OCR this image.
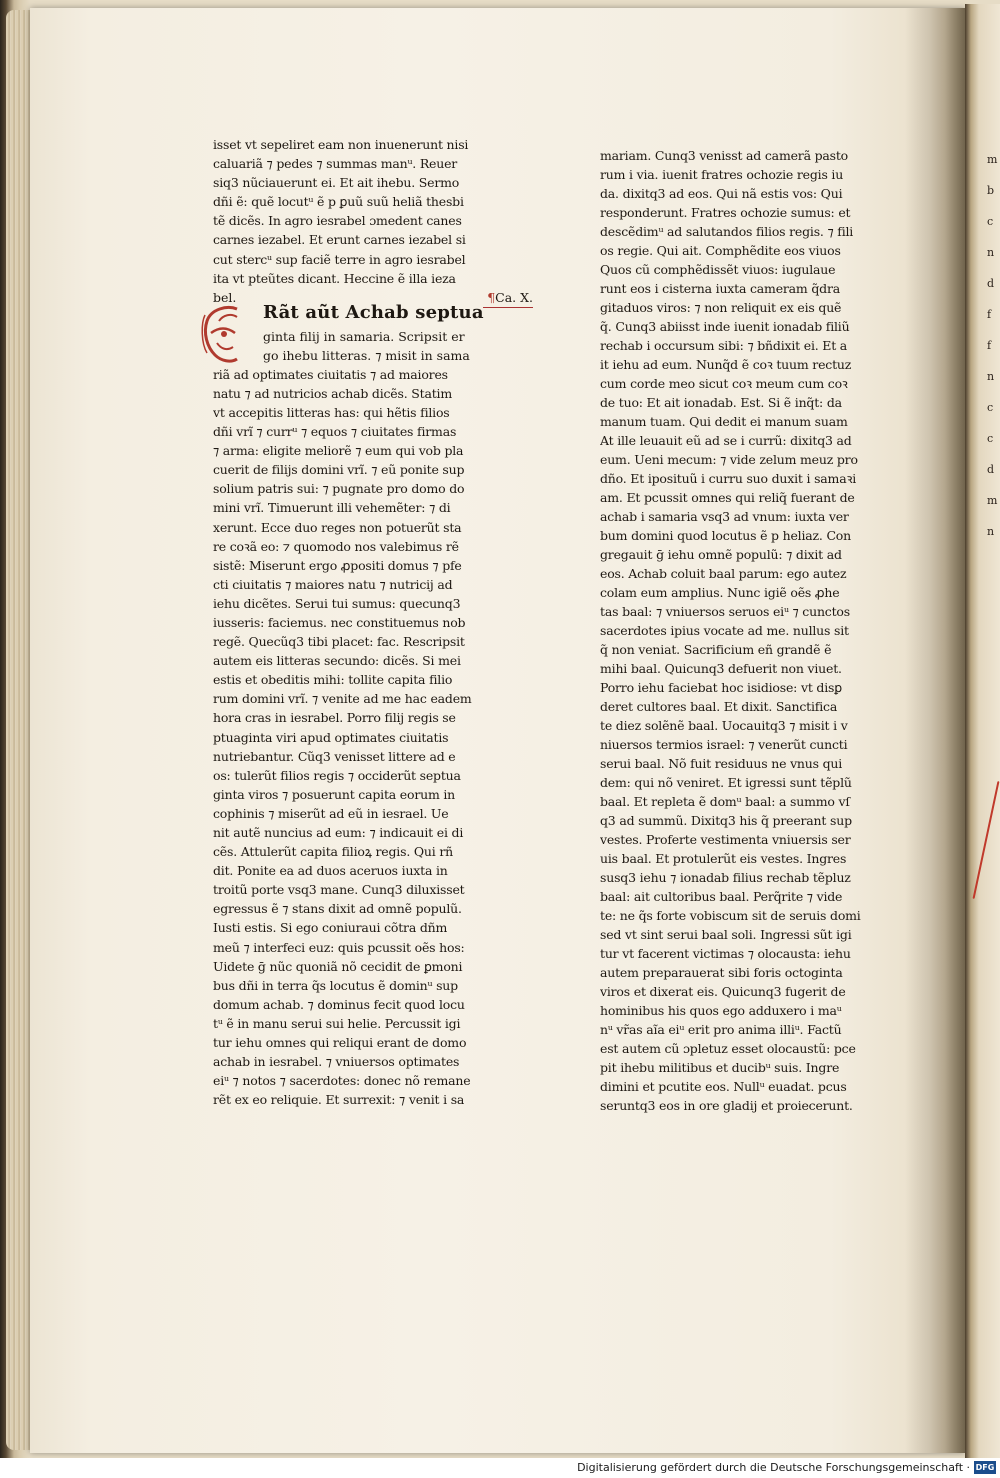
m
b
c
n
d
f
f
n
c
c
d
m
n
isset vt sepeliret eam non inuenerunt nisi
caluariã ⁊ pedes ⁊ summas manᵘ. Reuer
siq3 nũciauerunt ei. Et ait ihebu. Sermo
dñi ẽ: quẽ locutᵘ ẽ p ꝑuũ suũ heliã thesbi
tẽ dicẽs. In agro iesrabel ɔmedent canes
carnes iezabel. Et erunt carnes iezabel si
cut stercᵘ sup faciẽ terre in agro iesrabel
ita vt pteũtes dicant. Heccine ẽ illa ieza
bel.	¶Ca. X.
Rãt aũt Achab septua
ginta filij in samaria. Scripsit er
go ihebu litteras. ⁊ misit in sama
riã ad optimates ciuitatis ⁊ ad maiores
natu ⁊ ad nutricios achab dicẽs. Statim
vt accepitis litteras has: qui hẽtis filios
dñi vrĩ ⁊ currᵘ ⁊ equos ⁊ ciuitates firmas
⁊ arma: eligite meliorẽ ⁊ eum qui vob pla
cuerit de filijs domini vrĩ. ⁊ eũ ponite sup
solium patris sui: ⁊ pugnate pro domo do
mini vrĩ. Timuerunt illi vehemẽter: ⁊ di
xerunt. Ecce duo reges non potuerũt sta
re coꝛã eo: ⁊ quomodo nos valebimus rẽ
sistẽ: Miserunt ergo ꝓpositi domus ⁊ pfe
cti ciuitatis ⁊ maiores natu ⁊ nutricij ad
iehu dicẽtes. Serui tui sumus: quecunq3
iusseris: faciemus. nec constituemus nob
regẽ. Quecũq3 tibi placet: fac. Rescripsit
autem eis litteras secundo: dicẽs. Si mei
estis et obeditis mihi: tollite capita filio
rum domini vrĩ. ⁊ venite ad me hac eadem
hora cras in iesrabel. Porro filij regis se
ptuaginta viri apud optimates ciuitatis
nutriebantur. Cũq3 venisset littere ad e
os: tulerũt filios regis ⁊ occiderũt septua
ginta viros ⁊ posuerunt capita eorum in
cophinis ⁊ miserũt ad eũ in iesrael. Ue
nit autẽ nuncius ad eum: ⁊ indicauit ei di
cẽs. Attulerũt capita filioꝝ regis. Qui rñ
dit. Ponite ea ad duos aceruos iuxta in
troitũ porte vsq3 mane. Cunq3 diluxisset
egressus ẽ ⁊ stans dixit ad omnẽ populũ.
Iusti estis. Si ego coniuraui cõtra dñm
meũ ⁊ interfeci euz: quis pcussit oẽs hos:
Uidete ḡ nũc quoniã nõ cecidit de ꝑmoni
bus dñi in terra q̃s locutus ẽ dominᵘ sup
domum achab. ⁊ dominus fecit quod locu
tᵘ ẽ in manu serui sui helie. Percussit igi
tur iehu omnes qui reliqui erant de domo
achab in iesrabel. ⁊ vniuersos optimates
eiᵘ ⁊ notos ⁊ sacerdotes: donec nõ remane
rẽt ex eo reliquie. Et surrexit: ⁊ venit i sa
mariam. Cunq3 venisst ad camerã pasto
rum i via. iuenit fratres ochozie regis iu
da. dixitq3 ad eos. Qui nã estis vos: Qui
responderunt. Fratres ochozie sumus: et
descẽdimᵘ ad salutandos filios regis. ⁊ fili
os regie. Qui ait. Comphẽdite eos viuos
Quos cũ comphẽdissẽt viuos: iugulaue
runt eos i cisterna iuxta cameram q̃dra
gitaduos viros: ⁊ non reliquit ex eis quẽ
q̃. Cunq3 abiisst inde iuenit ionadab filiũ
rechab i occursum sibi: ⁊ bñdixit ei. Et a
it iehu ad eum. Nunq̃d ẽ coꝛ tuum rectuz
cum corde meo sicut coꝛ meum cum coꝛ
de tuo: Et ait ionadab. Est. Si ẽ inq̃t: da
manum tuam. Qui dedit ei manum suam
At ille leuauit eũ ad se i currũ: dixitq3 ad
eum. Ueni mecum: ⁊ vide zelum meuz pro
dño. Et iposituũ i curru suo duxit i samaꝛi
am. Et pcussit omnes qui reliq̃ fuerant de
achab i samaria vsq3 ad vnum: iuxta ver
bum domini quod locutus ẽ p heliaz. Con
gregauit ḡ iehu omnẽ populũ: ⁊ dixit ad
eos. Achab coluit baal parum: ego autez
colam eum amplius. Nunc igiẽ oẽs ꝓhe
tas baal: ⁊ vniuersos seruos eiᵘ ⁊ cunctos
sacerdotes ipius vocate ad me. nullus sit
q̃ non veniat. Sacrificium eñ grandẽ ẽ
mihi baal. Quicunq3 defuerit non viuet.
Porro iehu faciebat hoc isidiose: vt disꝑ
deret cultores baal. Et dixit. Sanctifica
te diez solẽnẽ baal. Uocauitq3 ⁊ misit i v
niuersos termios israel: ⁊ venerũt cuncti
serui baal. Nõ fuit residuus ne vnus qui
dem: qui nõ veniret. Et igressi sunt tẽplũ
baal. Et repleta ẽ domᵘ baal: a summo vſ
q3 ad summũ. Dixitq3 his q̃ preerant sup
vestes. Proferte vestimenta vniuersis ser
uis baal. Et protulerũt eis vestes. Ingres
susq3 iehu ⁊ ionadab filius rechab tẽpluz
baal: ait cultoribus baal. Perq̃rite ⁊ vide
te: ne q̃s forte vobiscum sit de seruis domi
sed vt sint serui baal soli. Ingressi sũt igi
tur vt facerent victimas ⁊ olocausta: iehu
autem preparauerat sibi foris octoginta
viros et dixerat eis. Quicunq3 fugerit de
hominibus his quos ego adduxero i maᵘ
nᵘ vr̃as aĩa eiᵘ erit pro anima illiᵘ. Factũ
est autem cũ ɔpletuz esset olocaustũ: pce
pit ihebu militibus et ducibᵘ suis. Ingre
dimini et pcutite eos. Nullᵘ euadat. pcus
seruntq3 eos in ore gladij et proiecerunt.
Digitalisierung gefördert durch die Deutsche Forschungsgemeinschaft · DFG
